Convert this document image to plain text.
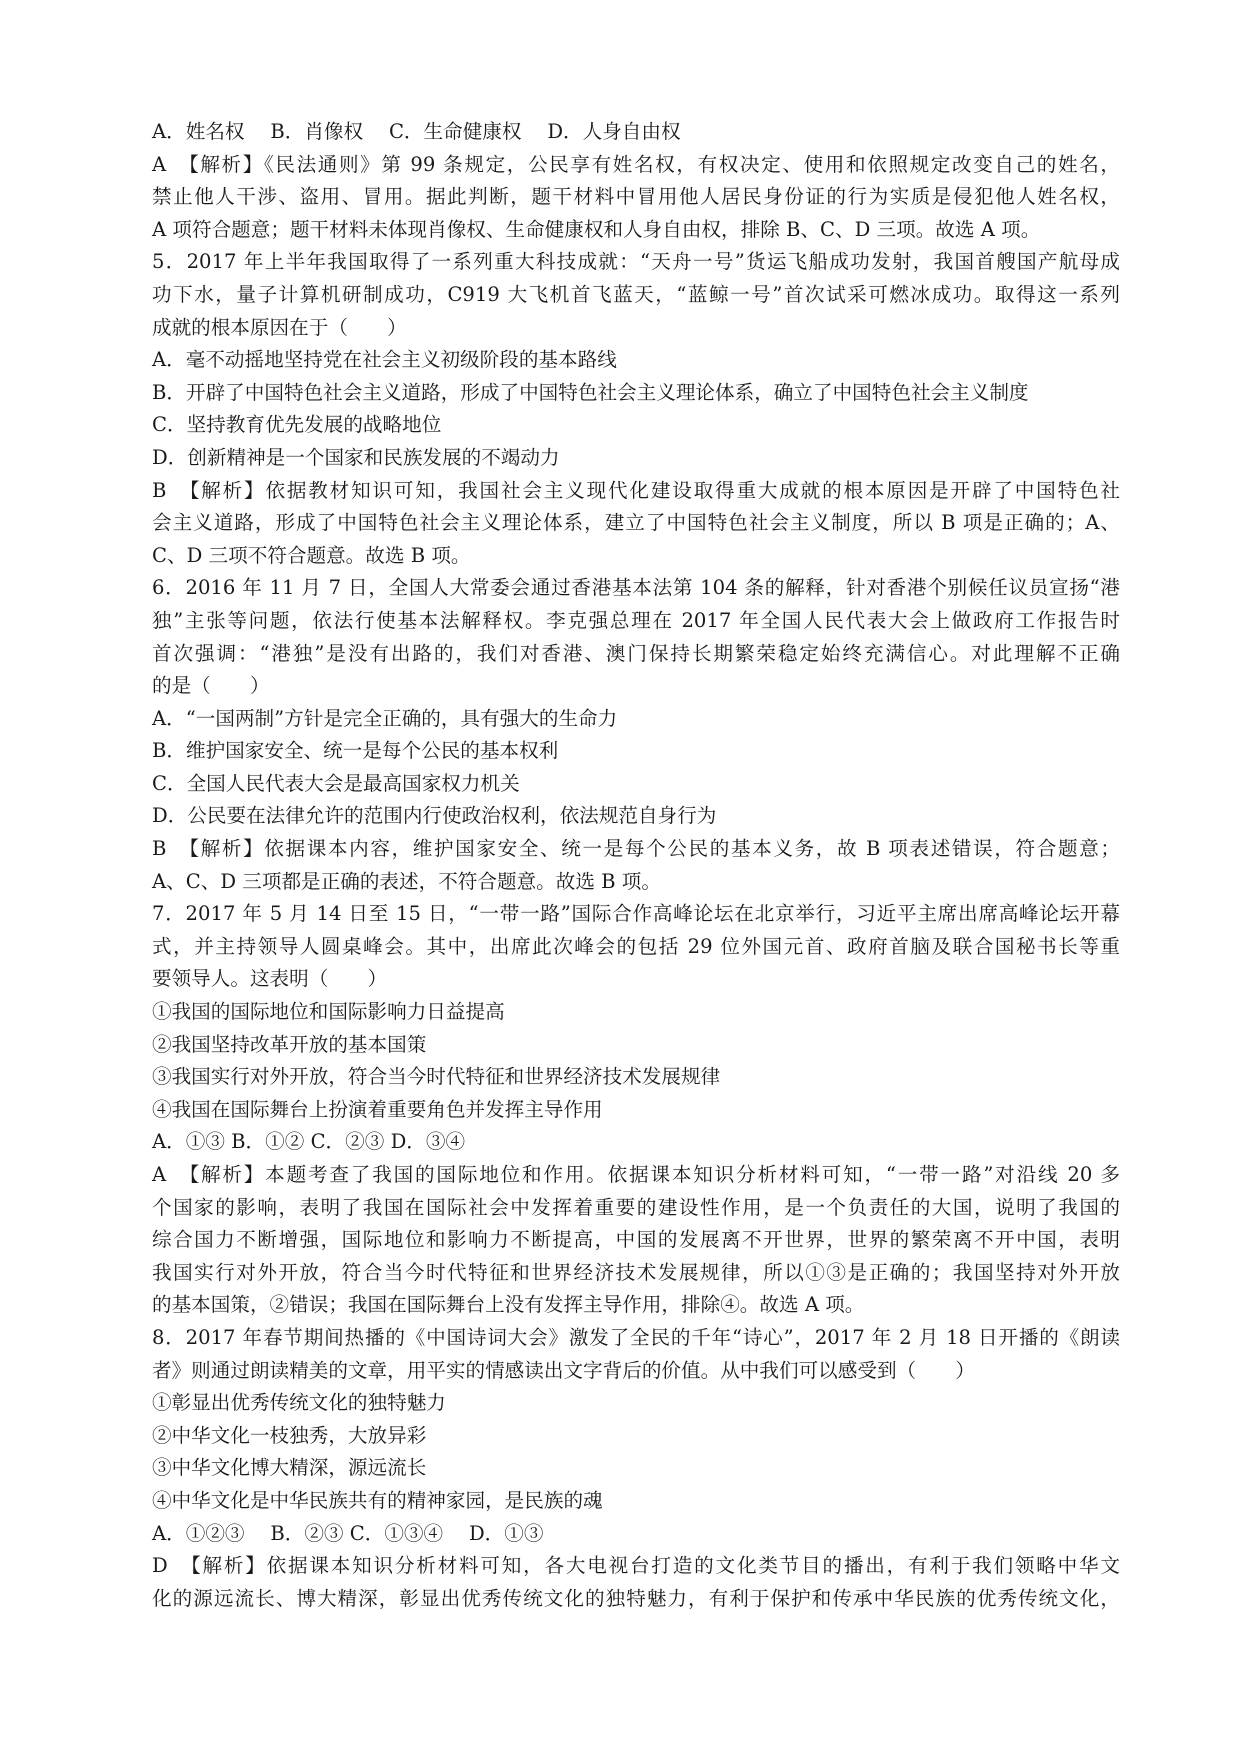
A．姓名权　 B．肖像权　 C．生命健康权　 D．人身自由权
A　【解析】《民法通则》第 99 条规定，公民享有姓名权，有权决定、使用和依照规定改变自己的姓名，
禁止他人干涉、盗用、冒用。据此判断，题干材料中冒用他人居民身份证的行为实质是侵犯他人姓名权，
A 项符合题意；题干材料未体现肖像权、生命健康权和人身自由权，排除 B、C、D 三项。故选 A 项。
5．2017 年上半年我国取得了一系列重大科技成就：“天舟一号”货运飞船成功发射，我国首艘国产航母成
功下水，量子计算机研制成功，C919 大飞机首飞蓝天，“蓝鲸一号”首次试采可燃冰成功。取得这一系列
成就的根本原因在于（　　）
A．毫不动摇地坚持党在社会主义初级阶段的基本路线
B．开辟了中国特色社会主义道路，形成了中国特色社会主义理论体系，确立了中国特色社会主义制度
C．坚持教育优先发展的战略地位
D．创新精神是一个国家和民族发展的不竭动力
B　【解析】依据教材知识可知，我国社会主义现代化建设取得重大成就的根本原因是开辟了中国特色社
会主义道路，形成了中国特色社会主义理论体系，建立了中国特色社会主义制度，所以 B 项是正确的；A、
C、D 三项不符合题意。故选 B 项。
6．2016 年 11 月 7 日，全国人大常委会通过香港基本法第 104 条的解释，针对香港个别候任议员宣扬“港
独”主张等问题，依法行使基本法解释权。李克强总理在 2017 年全国人民代表大会上做政府工作报告时
首次强调：“港独”是没有出路的，我们对香港、澳门保持长期繁荣稳定始终充满信心。对此理解不正确
的是（　　）
A．“一国两制”方针是完全正确的，具有强大的生命力
B．维护国家安全、统一是每个公民的基本权利
C．全国人民代表大会是最高国家权力机关
D．公民要在法律允许的范围内行使政治权利，依法规范自身行为
B　【解析】依据课本内容，维护国家安全、统一是每个公民的基本义务，故 B 项表述错误，符合题意；
A、C、D 三项都是正确的表述，不符合题意。故选 B 项。
7．2017 年 5 月 14 日至 15 日，“一带一路”国际合作高峰论坛在北京举行，习近平主席出席高峰论坛开幕
式，并主持领导人圆桌峰会。其中，出席此次峰会的包括 29 位外国元首、政府首脑及联合国秘书长等重
要领导人。这表明（　　）
①我国的国际地位和国际影响力日益提高
②我国坚持改革开放的基本国策
③我国实行对外开放，符合当今时代特征和世界经济技术发展规律
④我国在国际舞台上扮演着重要角色并发挥主导作用
A．①③ B．①② C．②③ D．③④
A　【解析】本题考查了我国的国际地位和作用。依据课本知识分析材料可知，“一带一路”对沿线 20 多
个国家的影响，表明了我国在国际社会中发挥着重要的建设性作用，是一个负责任的大国，说明了我国的
综合国力不断增强，国际地位和影响力不断提高，中国的发展离不开世界，世界的繁荣离不开中国，表明
我国实行对外开放，符合当今时代特征和世界经济技术发展规律，所以①③是正确的；我国坚持对外开放
的基本国策，②错误；我国在国际舞台上没有发挥主导作用，排除④。故选 A 项。
8．2017 年春节期间热播的《中国诗词大会》激发了全民的千年“诗心”，2017 年 2 月 18 日开播的《朗读
者》则通过朗读精美的文章，用平实的情感读出文字背后的价值。从中我们可以感受到（　　）
①彰显出优秀传统文化的独特魅力
②中华文化一枝独秀，大放异彩
③中华文化博大精深，源远流长
④中华文化是中华民族共有的精神家园，是民族的魂
A．①②③　 B．②③ C．①③④　 D．①③
D　【解析】依据课本知识分析材料可知，各大电视台打造的文化类节目的播出，有利于我们领略中华文
化的源远流长、博大精深，彰显出优秀传统文化的独特魅力，有利于保护和传承中华民族的优秀传统文化，
